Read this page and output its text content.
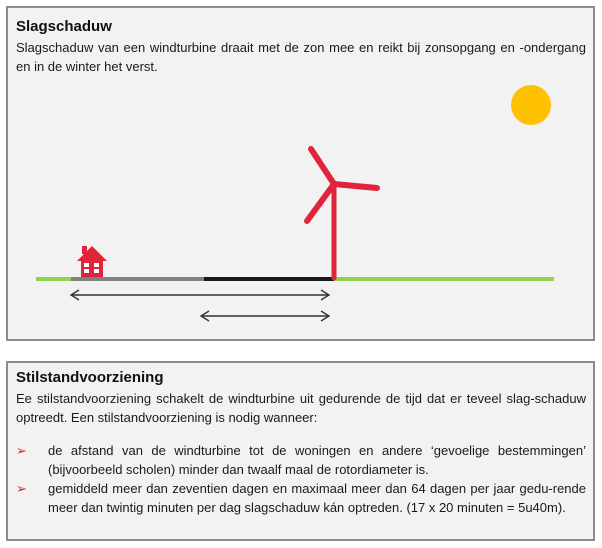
Slagschaduw
Slagschaduw van een windturbine draait met de zon mee en reikt bij zonsopgang en -ondergang en in de winter het verst.
Stilstandvoorziening
Ee stilstandvoorziening schakelt de windturbine uit gedurende de tijd dat er teveel slag-schaduw optreedt. Een stilstandvoorziening is nodig wanneer:
➢ de afstand van de windturbine tot de woningen en andere ‘gevoelige bestemmingen’ (bijvoorbeeld scholen) minder dan twaalf maal de rotordiameter is.
➢ gemiddeld meer dan zeventien dagen en maximaal meer dan 64 dagen per jaar gedu-rende meer dan twintig minuten per dag slagschaduw kán optreden. (17 x 20 minuten = 5u40m).
